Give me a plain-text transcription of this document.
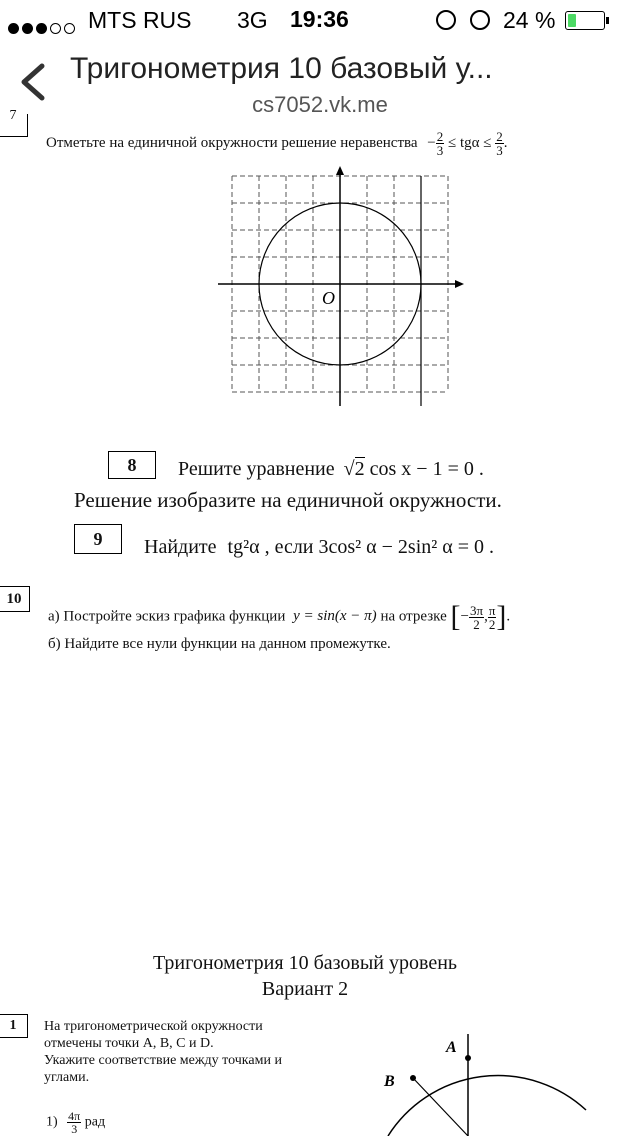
MTS RUS 3G 19:36	24 %
Тригонометрия 10 базовый у...
cs7052.vk.me
7
Отметьте на единичной окружности решение неравенства − $\frac{2}{3} \le tg\alpha \le \frac{2}{3}$ .
O
8	Решите уравнение √2 cos x − 1 = 0 .
Решение изобразите на единичной окружности.
9	Найдите tg²α , если 3cos² α − 2sin² α = 0 .
10
а) Постройте эскиз графика функции y = sin(x − π) на отрезке [− $\frac{3\pi}{2}$ , $\frac{\pi}{2}$ ].
б) Найдите все нули функции на данном промежутке.
Тригонометрия 10 базовый уровень
Вариант 2
1	На тригонометрической окружности
отмечены точки A, B, C и D.
Укажите соответствие между точками и
углами.
$1) \frac{4\pi}{3}$ рад
A
B
